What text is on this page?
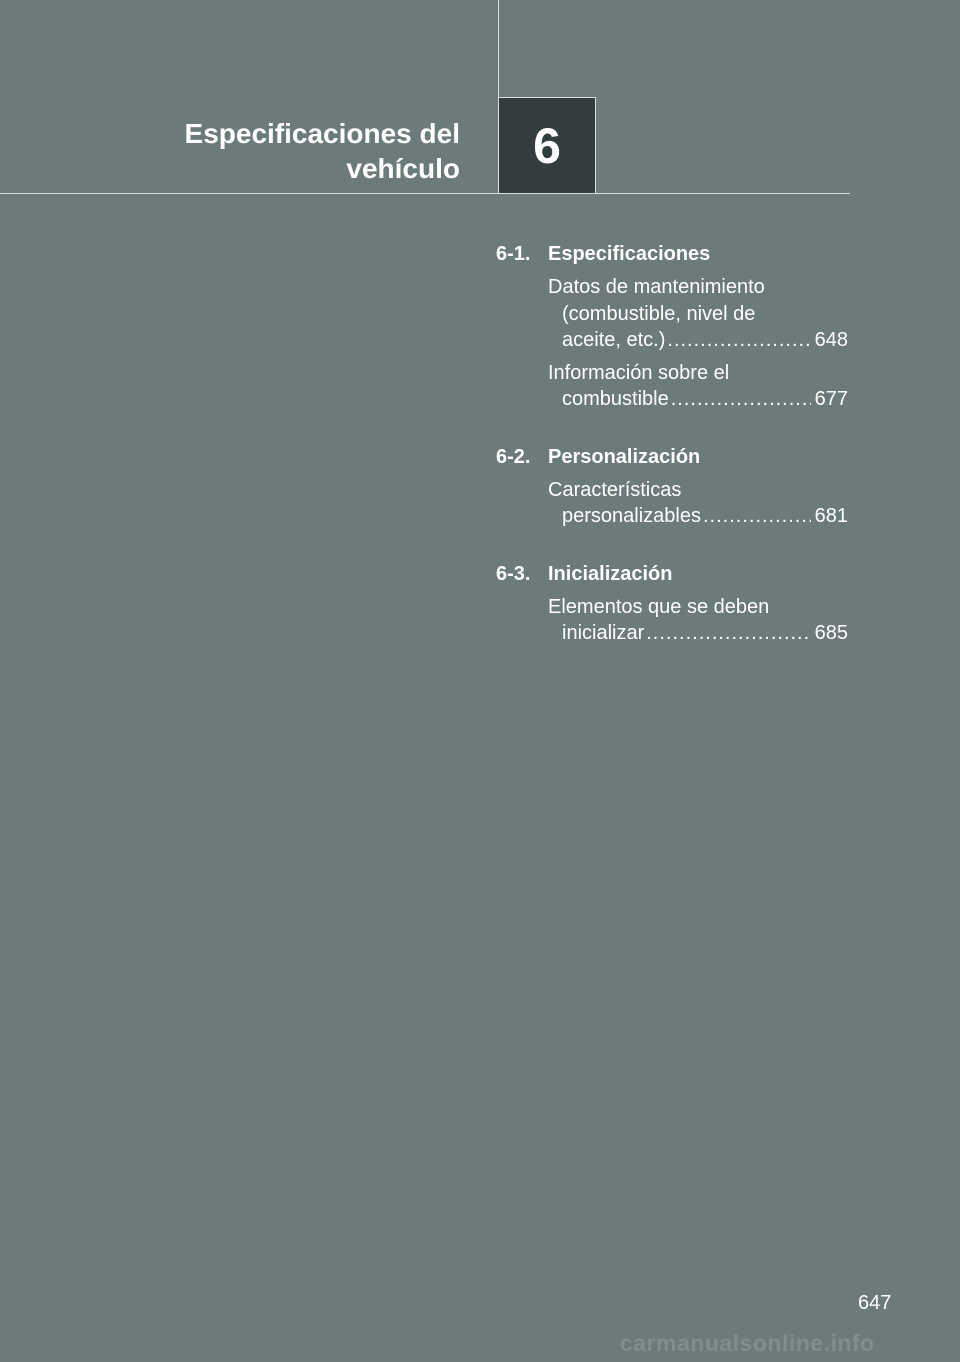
Especificaciones del
vehículo 6
6-1. Especificaciones
Datos de mantenimiento
(combustible, nivel de
aceite, etc.) .....	648
Información sobre el
combustible .....	677
6-2. Personalización
Características
personalizables .....	681
6-3. Inicialización
Elementos que se deben
inicializar .....	685
647
carmanualsonline.info
